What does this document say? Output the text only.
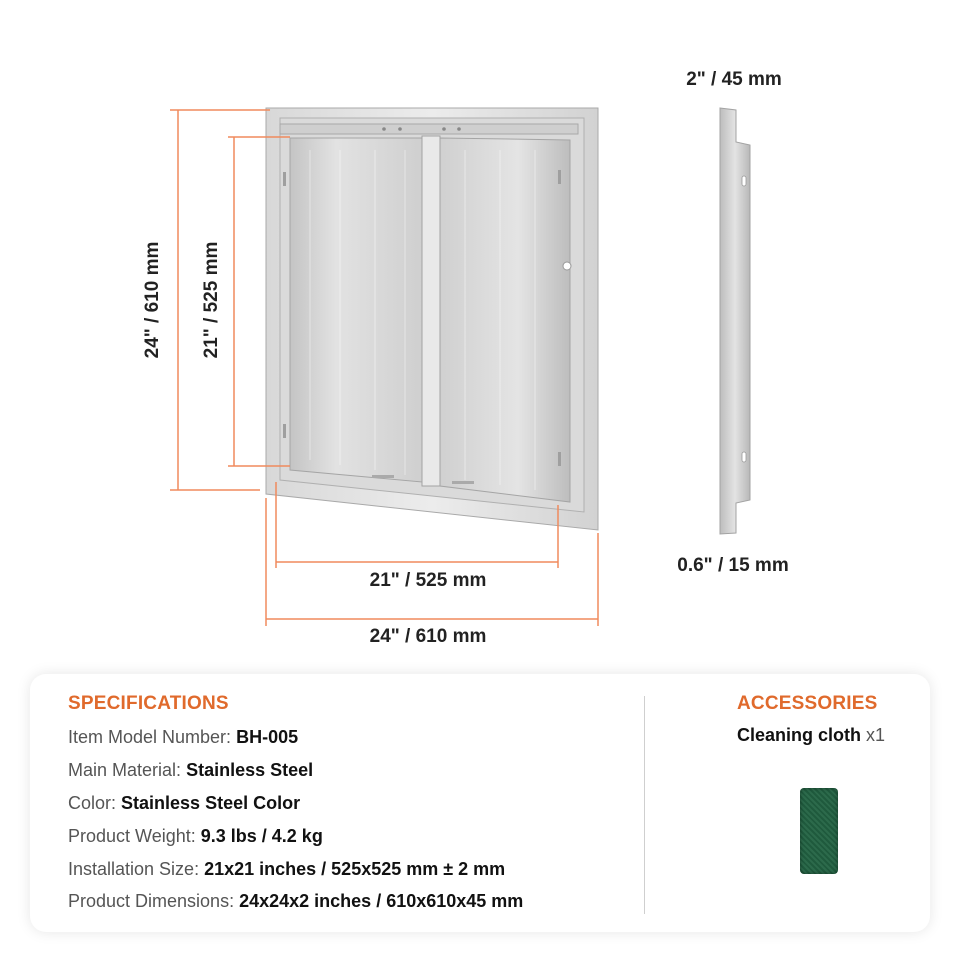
24" / 610 mm 21" / 525 mm
21" / 525 mm
24" / 610 mm
2" / 45 mm
0.6" / 15 mm
SPECIFICATIONS
Item Model Number: BH-005
Main Material: Stainless Steel
Color: Stainless Steel Color
Product Weight: 9.3 lbs / 4.2 kg
Installation Size: 21x21 inches / 525x525 mm ± 2 mm
Product Dimensions: 24x24x2 inches / 610x610x45 mm
ACCESSORIES
Cleaning cloth x1
